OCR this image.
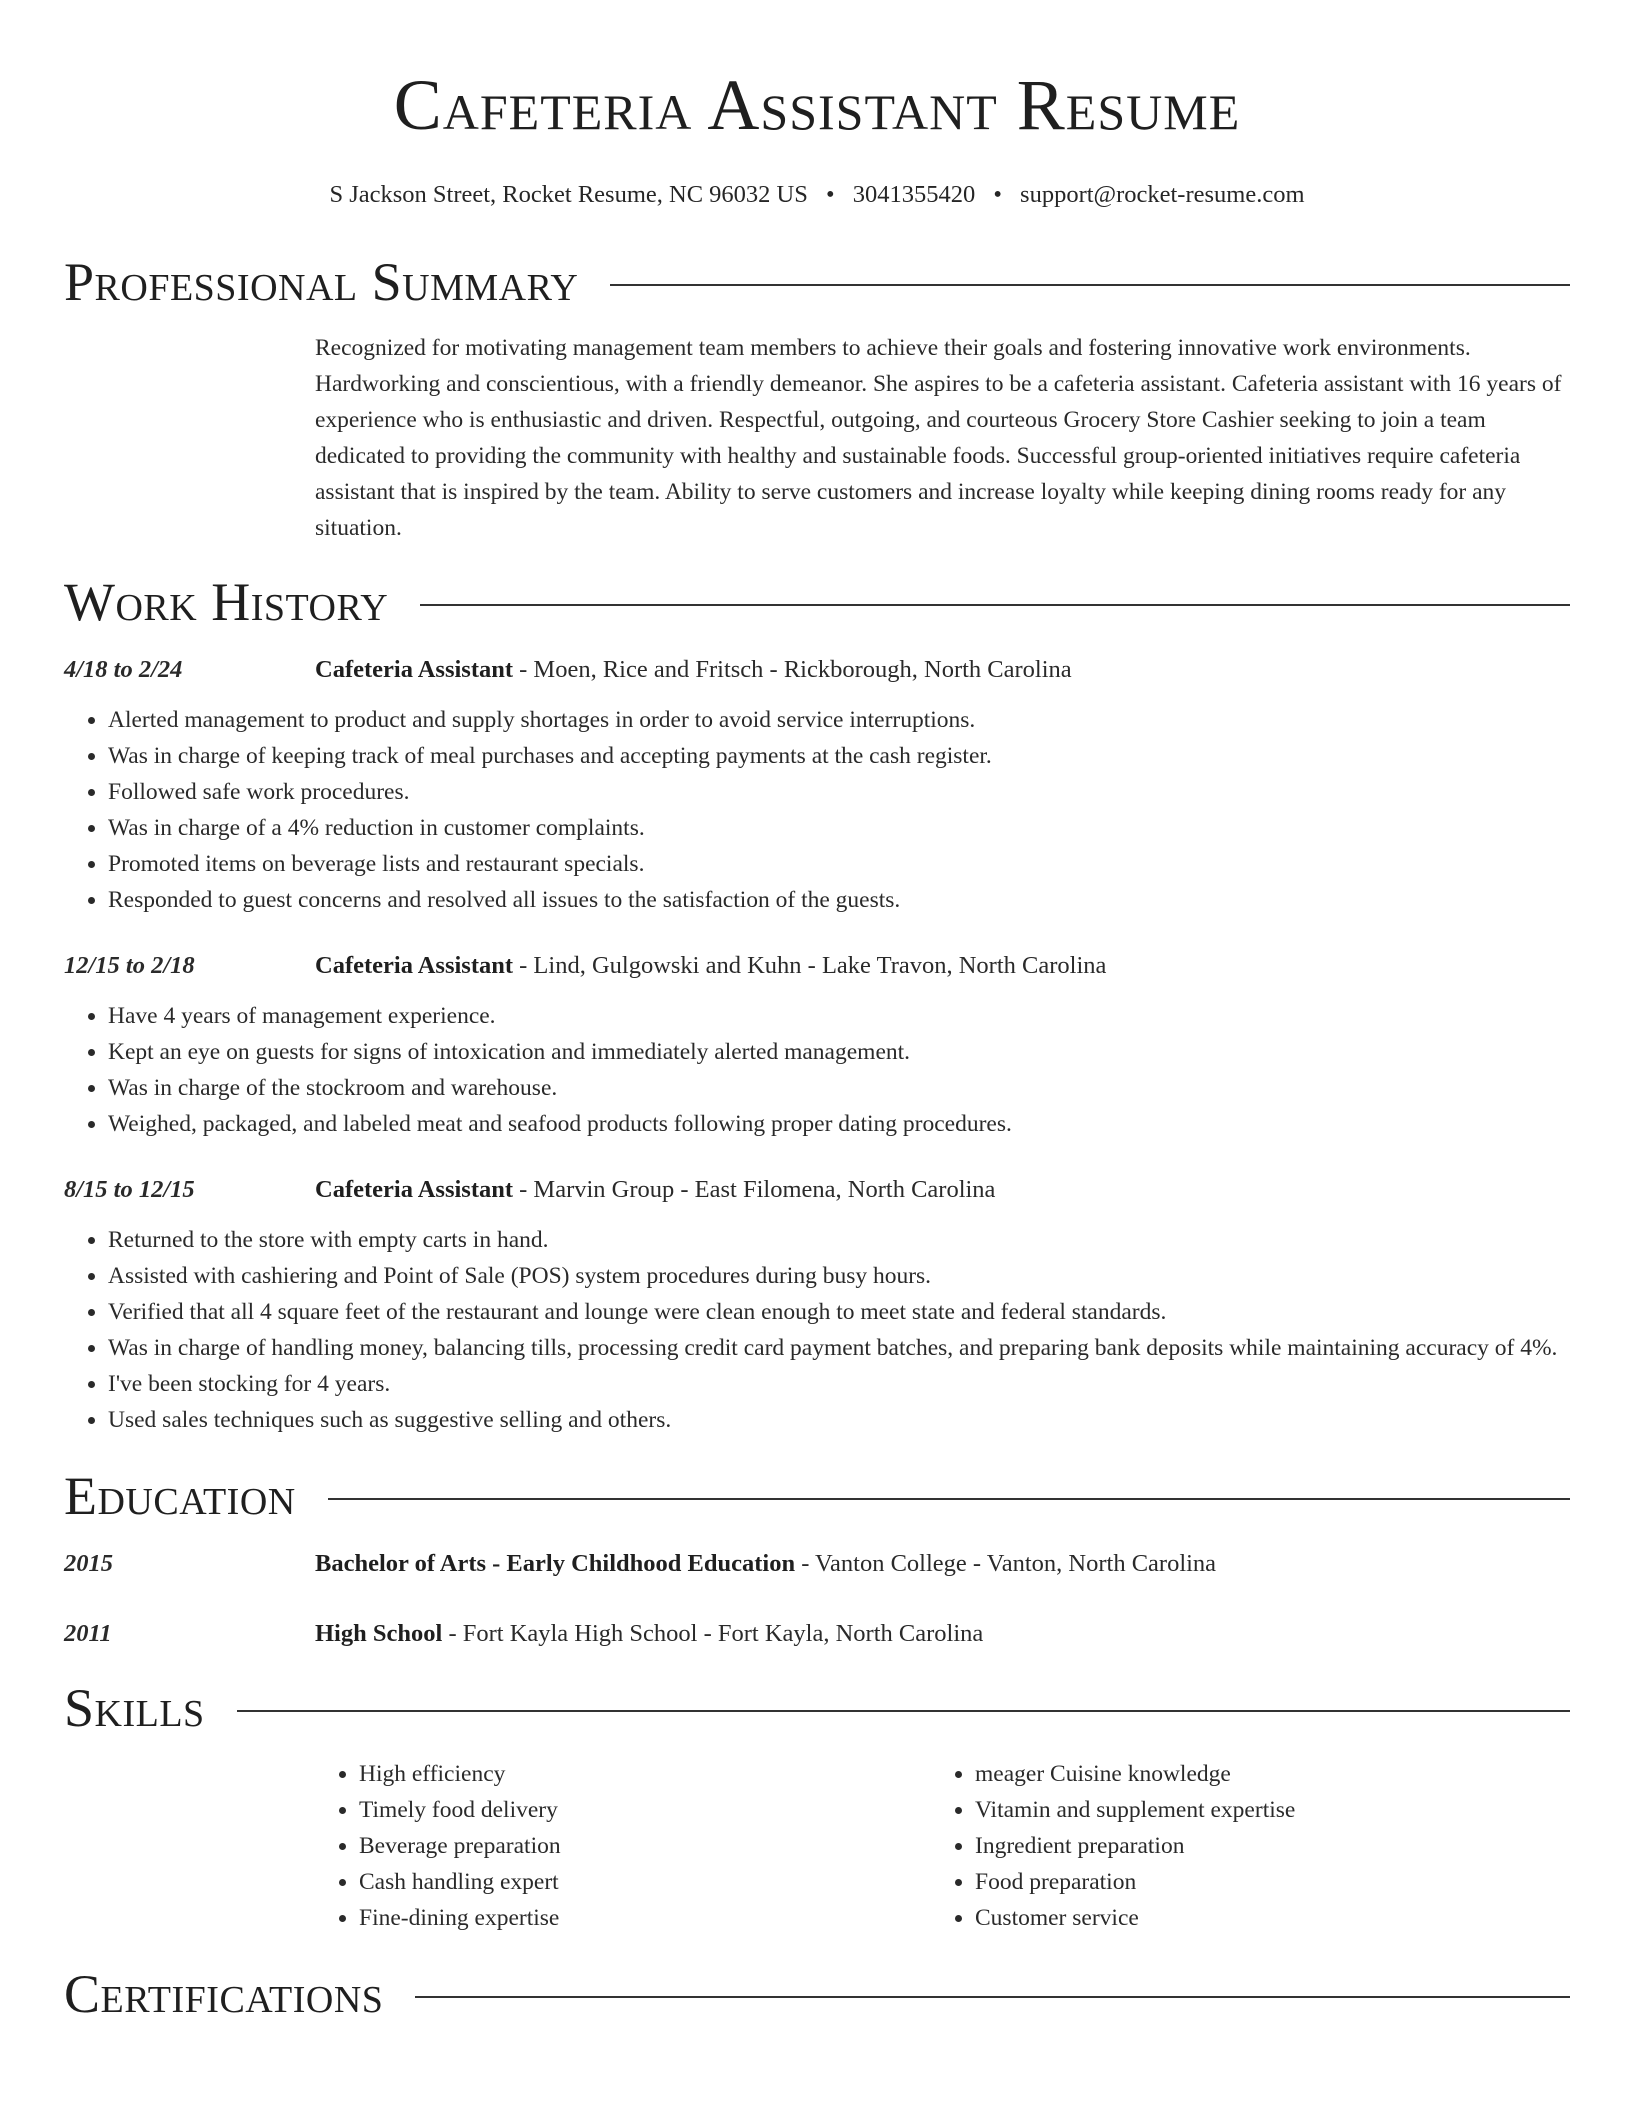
Cafeteria Assistant Resume
S Jackson Street, Rocket Resume, NC 96032 US • 3041355420 • support@rocket-resume.com
Professional Summary
Recognized for motivating management team members to achieve their goals and fostering innovative work environments. Hardworking and conscientious, with a friendly demeanor. She aspires to be a cafeteria assistant. Cafeteria assistant with 16 years of experience who is enthusiastic and driven. Respectful, outgoing, and courteous Grocery Store Cashier seeking to join a team dedicated to providing the community with healthy and sustainable foods. Successful group-oriented initiatives require cafeteria assistant that is inspired by the team. Ability to serve customers and increase loyalty while keeping dining rooms ready for any situation.
Work History
4/18 to 2/24	Cafeteria Assistant - Moen, Rice and Fritsch - Rickborough, North Carolina
• Alerted management to product and supply shortages in order to avoid service interruptions.
• Was in charge of keeping track of meal purchases and accepting payments at the cash register.
• Followed safe work procedures.
• Was in charge of a 4% reduction in customer complaints.
• Promoted items on beverage lists and restaurant specials.
• Responded to guest concerns and resolved all issues to the satisfaction of the guests.
12/15 to 2/18	Cafeteria Assistant - Lind, Gulgowski and Kuhn - Lake Travon, North Carolina
• Have 4 years of management experience.
• Kept an eye on guests for signs of intoxication and immediately alerted management.
• Was in charge of the stockroom and warehouse.
• Weighed, packaged, and labeled meat and seafood products following proper dating procedures.
8/15 to 12/15	Cafeteria Assistant - Marvin Group - East Filomena, North Carolina
• Returned to the store with empty carts in hand.
• Assisted with cashiering and Point of Sale (POS) system procedures during busy hours.
• Verified that all 4 square feet of the restaurant and lounge were clean enough to meet state and federal standards.
• Was in charge of handling money, balancing tills, processing credit card payment batches, and preparing bank deposits while maintaining accuracy of 4%.
• I've been stocking for 4 years.
• Used sales techniques such as suggestive selling and others.
Education
2015	Bachelor of Arts - Early Childhood Education - Vanton College - Vanton, North Carolina
2011	High School - Fort Kayla High School - Fort Kayla, North Carolina
Skills
• High efficiency
• Timely food delivery
• Beverage preparation
• Cash handling expert
• Fine-dining expertise
• meager Cuisine knowledge
• Vitamin and supplement expertise
• Ingredient preparation
• Food preparation
• Customer service
Certifications
